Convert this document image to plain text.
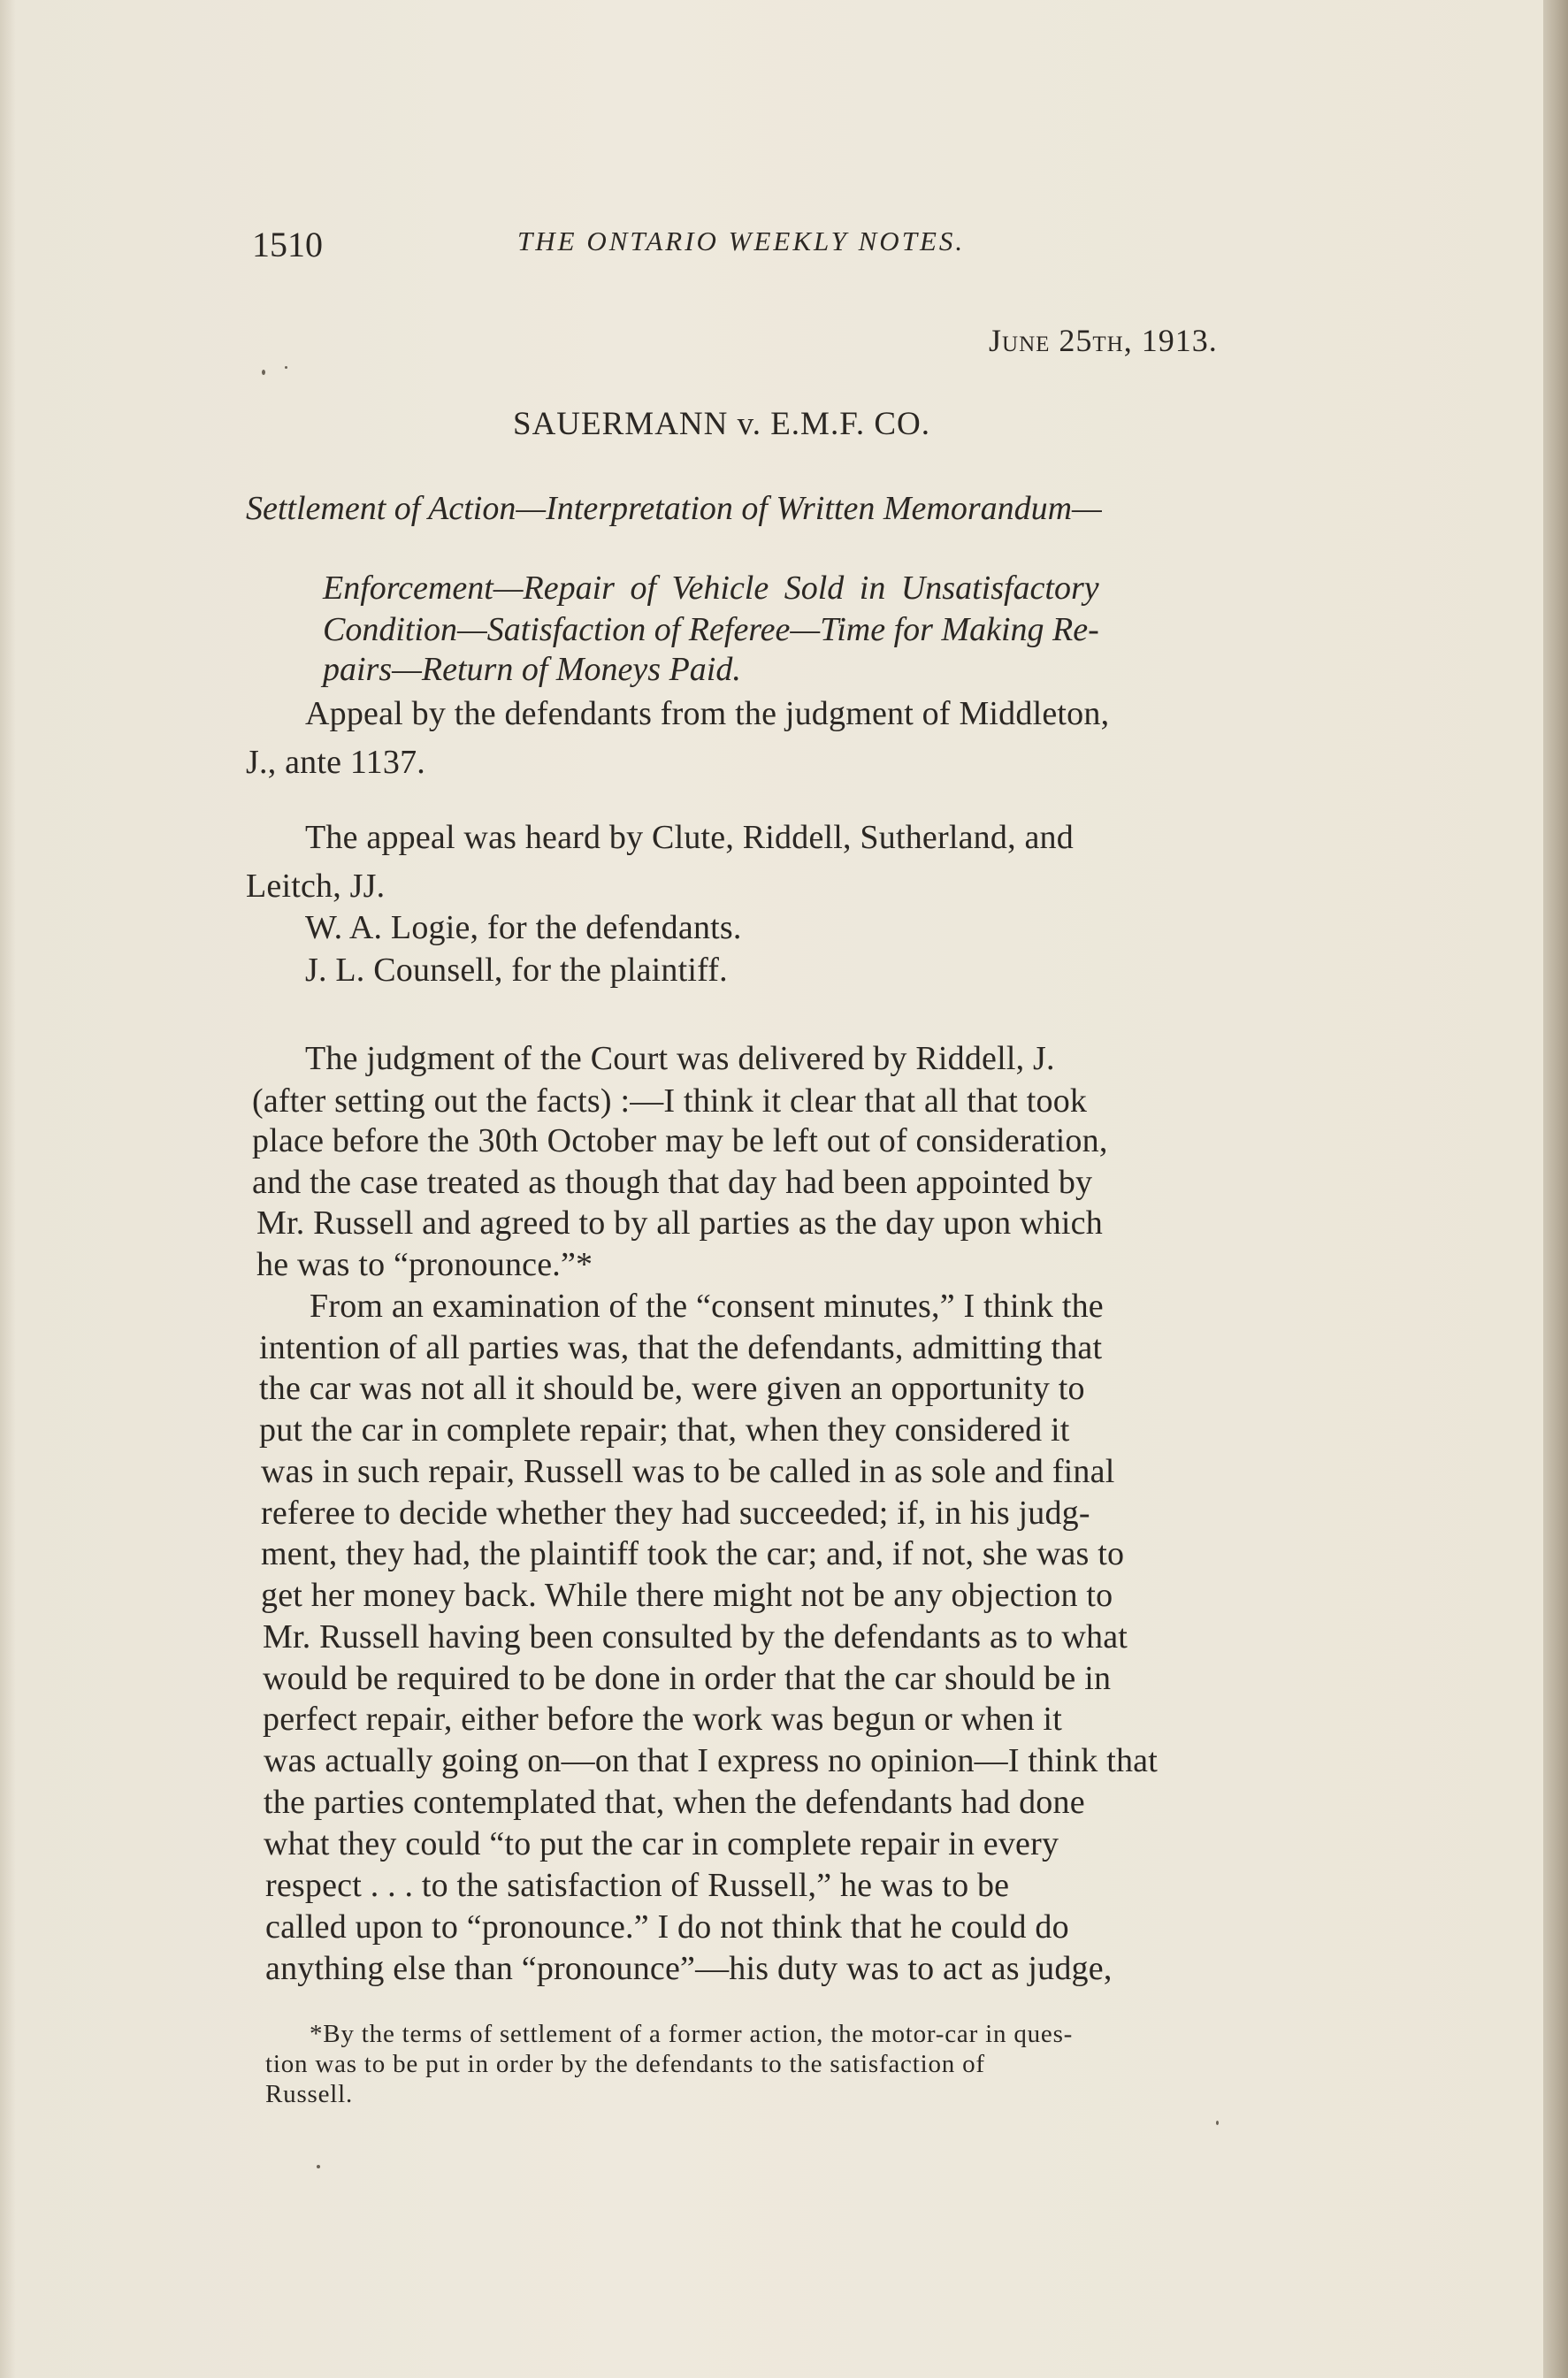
1510	THE ONTARIO WEEKLY NOTES.
June 25th, 1913.
SAUERMANN v. E.M.F. CO.
Settlement of Action—Interpretation of Written Memorandum—
Enforcement—Repair of Vehicle Sold in Unsatisfactory
Condition—Satisfaction of Referee—Time for Making Re-
pairs—Return of Moneys Paid.
Appeal by the defendants from the judgment of Middleton,
J., ante 1137.
The appeal was heard by Clute, Riddell, Sutherland, and
Leitch, JJ.
W. A. Logie, for the defendants.
J. L. Counsell, for the plaintiff.
The judgment of the Court was delivered by Riddell, J.
(after setting out the facts) :—I think it clear that all that took
place before the 30th October may be left out of consideration,
and the case treated as though that day had been appointed by
Mr. Russell and agreed to by all parties as the day upon which
he was to “pronounce.”*
From an examination of the “consent minutes,” I think the
intention of all parties was, that the defendants, admitting that
the car was not all it should be, were given an opportunity to
put the car in complete repair; that, when they considered it
was in such repair, Russell was to be called in as sole and final
referee to decide whether they had succeeded; if, in his judg-
ment, they had, the plaintiff took the car; and, if not, she was to
get her money back. While there might not be any objection to
Mr. Russell having been consulted by the defendants as to what
would be required to be done in order that the car should be in
perfect repair, either before the work was begun or when it
was actually going on—on that I express no opinion—I think that
the parties contemplated that, when the defendants had done
what they could “to put the car in complete repair in every
respect . . . to the satisfaction of Russell,” he was to be
called upon to “pronounce.” I do not think that he could do
anything else than “pronounce”—his duty was to act as judge,
*By the terms of settlement of a former action, the motor-car in ques-
tion was to be put in order by the defendants to the satisfaction of
Russell.
